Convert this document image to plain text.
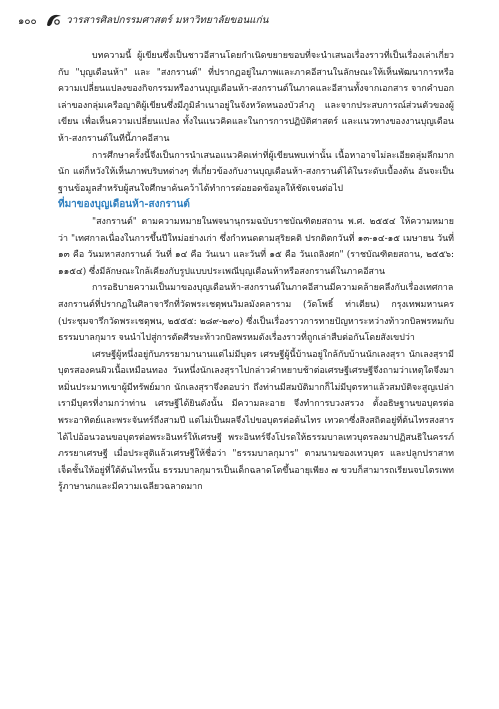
๑๐๐	วารสารศิลปกรรมศาสตร์ มหาวิทยาลัยขอนแก่น

บทความนี้ ผู้เขียนซึ่งเป็นชาวอีสานโดยกำเนิดขยายขอบที่จะนำเสนอเรื่องราวที่เป็นเรื่องเล่าเกี่ยวกับ "บุญเดือนห้า" และ "สงกรานต์" ที่ปรากฏอยู่ในภาพและภาคอีสานในลักษณะให้เห็นพัฒนาการหรือความเปลี่ยนแปลงของกิจกรรมหรืองานบุญเดือนห้า-สงกรานต์ในภาคและอีสานทั้งจากเอกสาร จากคำบอกเล่าของกลุ่มเครือญาติผู้เขียนซึ่งมีภูมิลำเนาอยู่ในจังหวัดหนองบัวลำภู และจากประสบการณ์ส่วนตัวของผู้เขียน เพื่อเห็นความเปลี่ยนแปลง ทั้งในแนวคิดและในการการปฏิบัติศาสตร์ และแนวทางของงานบุญเดือนห้า-สงกรานต์ในทีนี้ภาคอีสาน

การศึกษาครั้งนี้จึงเป็นการนำเสนอแนวคิดเท่าที่ผู้เขียนพบเท่านั้น เนื้อหาอาจไม่ละเอียดลุ่มลึกมากนัก แต่ก็หวังให้เห็นภาพบริบทต่างๆ ที่เกี่ยวข้องกับงานบุญเดือนห้า-สงกรานต์ได้ในระดับเบื้องต้น อันจะเป็นฐานข้อมูลสำหรับผู้สนใจศึกษาค้นคว้าได้ทำการต่อยอดข้อมูลให้ชัดเจนต่อไป

ที่มาของบุญเดือนห้า-สงกรานต์

"สงกรานต์" ตามความหมายในพจนานุกรมฉบับราชบัณฑิตยสถาน พ.ศ. ๒๕๕๔ ให้ความหมายว่า "เทศกาลเนื่องในการขึ้นปีใหม่อย่างเก่า ซึ่งกำหนดตามสุริยคติ ปรกติตกวันที่ ๑๓-๑๔-๑๕ เมษายน วันที่ ๑๓ คือ วันมหาสงกรานต์ วันที่ ๑๔ คือ วันเนา และวันที่ ๑๕ คือ วันเถลิงศก" (ราชบัณฑิตยสถาน, ๒๕๕๖: ๑๑๕๔) ซึ่งมีลักษณะใกล้เคียงกับรูปแบบประเพณีบุญเดือนห้าหรือสงกรานต์ในภาคอีสาน

การอธิบายความเป็นมาของบุญเดือนห้า-สงกรานต์ในภาคอีสานมีความคล้ายคลึงกับเรื่องเทศกาลสงกรานต์ที่ปรากฏในศิลาจารึกที่วัดพระเชตุพนวิมลมังคลาราม (วัดโพธิ์ ท่าเตียน) กรุงเทพมหานคร (ประชุมจารึกวัดพระเชตุพน, ๒๕๕๕: ๒๘๙-๒๙๐) ซึ่งเป็นเรื่องราวการทายปัญหาระหว่างท้าวกบิลพรหมกับธรรมบาลกุมาร จนนำไปสู่การตัดศีรษะท้าวกบิลพรหมดังเรื่องราวที่ถูกเล่าสืบต่อกันโดยสังเขปว่า

เศรษฐีผู้หนึ่งอยู่กับภรรยามานานแต่ไม่มีบุตร เศรษฐีผู้นี้บ้านอยู่ใกล้กับบ้านนักเลงสุรา นักเลงสุรามีบุตรสองคนผิวเนื้อเหมือนทอง วันหนึ่งนักเลงสุราไปกล่าวคำหยาบช้าต่อเศรษฐีเศรษฐีจึงถามว่าเหตุใดจึงมาหมิ่นประมาทเขาผู้มีทรัพย์มาก นักเลงสุราจึงตอบว่า ถึงท่านมีสมบัติมากก็ไม่มีบุตรหาแล้วสมบัติจะสูญเปล่า เรามีบุตรที่งามกว่าท่าน เศรษฐีได้ยินดังนั้น มีความละอาย จึงทำการบวงสรวง ตั้งอธิษฐานขอบุตรต่อพระอาทิตย์และพระจันทร์ถึงสามปี แต่ไม่เป็นผลจึงไปขอบุตรต่อต้นไทร เทวดาซึ่งสิงสถิตอยู่ที่ต้นไทรสงสารได้ไปอ้อนวอนขอบุตรต่อพระอินทร์ให้เศรษฐี พระอินทร์จึงโปรดให้ธรรมบาลเทวบุตรลงมาปฏิสนธิในครรภ์ภรรยาเศรษฐี เมื่อประสูติแล้วเศรษฐีให้ชื่อว่า "ธรรมบาลกุมาร" ตามนามของเทวบุตร และปลูกปราสาทเจ็ดชั้นให้อยู่ที่ใต้ต้นไทรนั้น ธรรมบาลกุมารเป็นเด็กฉลาดโตขึ้นอายุเพียง ๗ ขวบก็สามารถเรียนจบไตรเพท รู้ภาษานกและมีความเฉลียวฉลาดมาก
